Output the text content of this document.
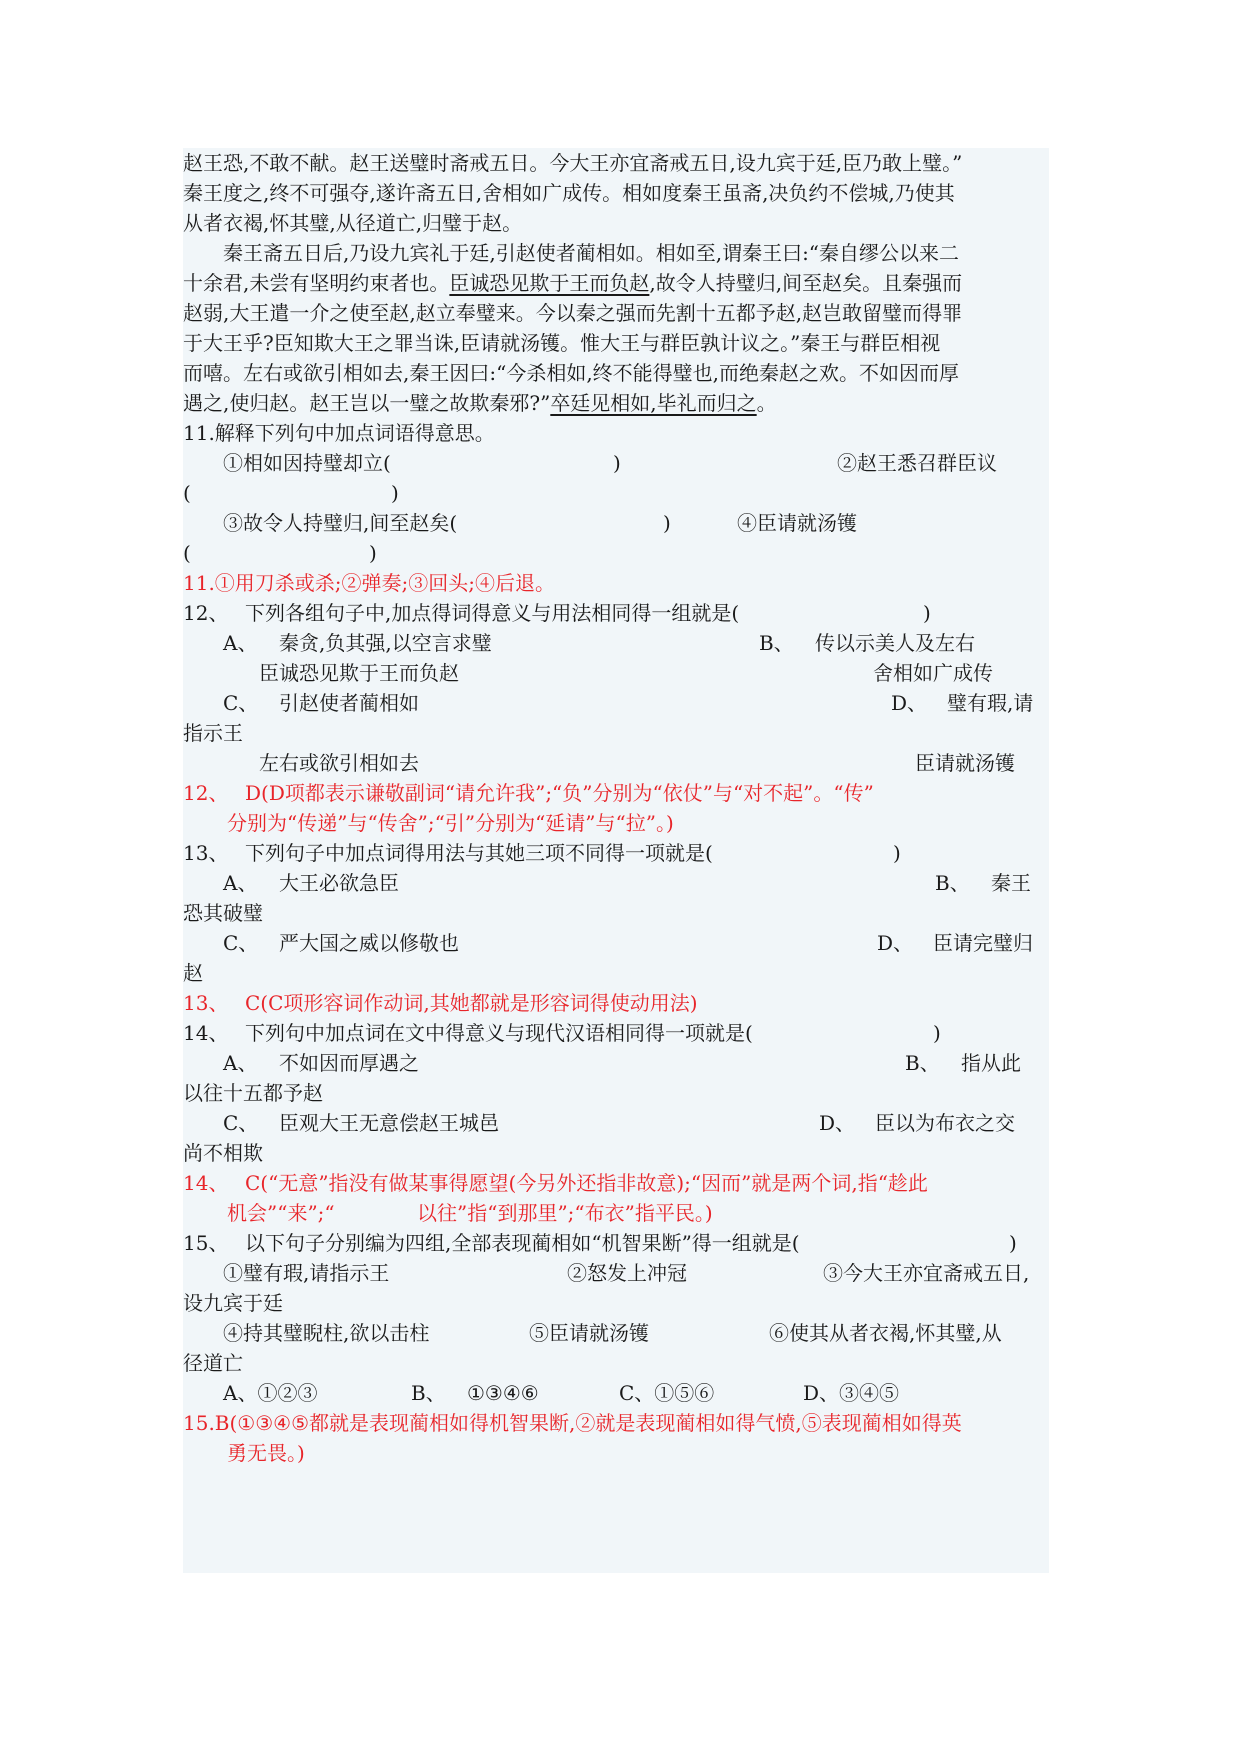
赵王恐,不敢不献。赵王送璧时斋戒五日。今大王亦宜斋戒五日,设九宾于廷,臣乃敢上璧。”
秦王度之,终不可强夺,遂许斋五日,舍相如广成传。相如度秦王虽斋,决负约不偿城,乃使其
从者衣褐,怀其璧,从径道亡,归璧于赵。
秦王斋五日后,乃设九宾礼于廷,引赵使者蔺相如。相如至,谓秦王曰:“秦自缪公以来二
十余君,未尝有坚明约束者也。臣诚恐见欺于王而负赵,故令人持璧归,间至赵矣。且秦强而
赵弱,大王遣一介之使至赵,赵立奉璧来。今以秦之强而先割十五都予赵,赵岂敢留璧而得罪
于大王乎?臣知欺大王之罪当诛,臣请就汤镬。惟大王与群臣孰计议之。”秦王与群臣相视
而嘻。左右或欲引相如去,秦王因曰:“今杀相如,终不能得璧也,而绝秦赵之欢。不如因而厚
遇之,使归赵。赵王岂以一璧之故欺秦邪?”卒廷见相如,毕礼而归之。
11.解释下列句中加点词语得意思。
①相如因持璧却立(	)	②赵王悉召群臣议
(	)
③故令人持璧归,间至赵矣(	)	④臣请就汤镬
(	)
11.①用刀杀或杀;②弹奏;③回头;④后退。
12、 下列各组句子中,加点得词得意义与用法相同得一组就是(	)
A、 秦贪,负其强,以空言求璧	B、 传以示美人及左右
臣诚恐见欺于王而负赵	舍相如广成传
C、 引赵使者蔺相如	D、 璧有瑕,请
指示王
左右或欲引相如去	臣请就汤镬
12、 D(D项都表示谦敬副词“请允许我”;“负”分别为“依仗”与“对不起”。“传”
分别为“传递”与“传舍”;“引”分别为“延请”与“拉”。)
13、 下列句子中加点词得用法与其她三项不同得一项就是(	)
A、 大王必欲急臣	B、 秦王
恐其破璧
C、 严大国之威以修敬也	D、 臣请完璧归
赵
13、 C(C项形容词作动词,其她都就是形容词得使动用法)
14、 下列句中加点词在文中得意义与现代汉语相同得一项就是(	)
A、 不如因而厚遇之	B、 指从此
以往十五都予赵
C、 臣观大王无意偿赵王城邑	D、 臣以为布衣之交
尚不相欺
14、 C(“无意”指没有做某事得愿望(今另外还指非故意);“因而”就是两个词,指“趁此
机会”“来”;“	以往”指“到那里”;“布衣”指平民。)
15、 以下句子分别编为四组,全部表现蔺相如“机智果断”得一组就是(	)
①璧有瑕,请指示王	②怒发上冲冠	③今大王亦宜斋戒五日,
设九宾于廷
④持其璧睨柱,欲以击柱	⑤臣请就汤镬	⑥使其从者衣褐,怀其璧,从
径道亡
A、①②③	B、 ①③④⑥	C、①⑤⑥	D、③④⑤
15.B(①③④⑤都就是表现蔺相如得机智果断,②就是表现蔺相如得气愤,⑤表现蔺相如得英
勇无畏。)
